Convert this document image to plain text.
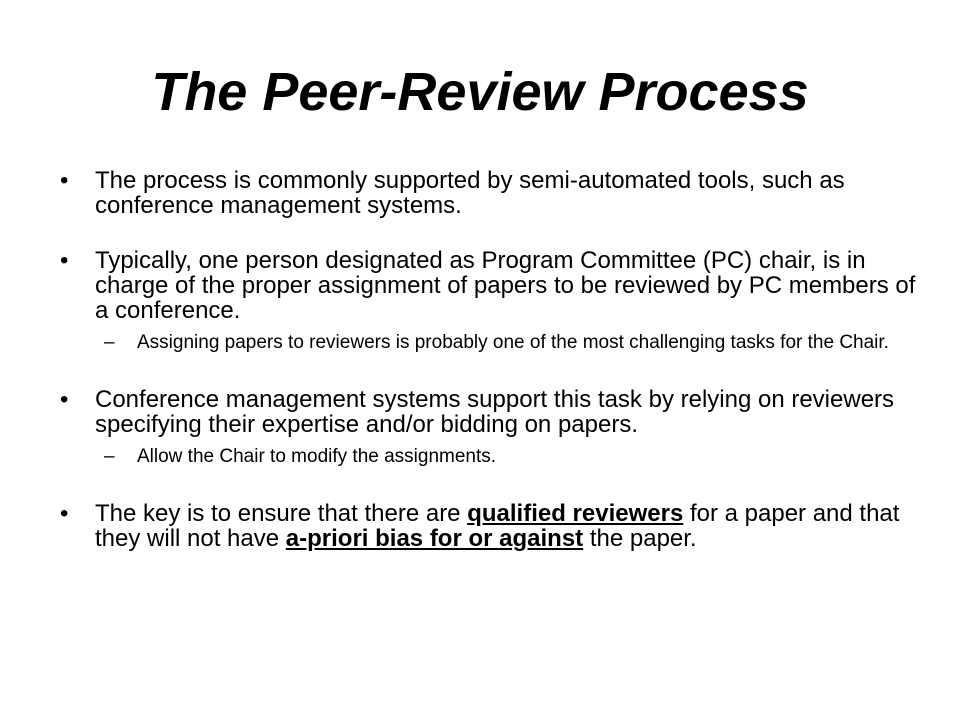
The Peer-Review Process
• The process is commonly supported by semi-automated tools, such as conference management systems.
• Typically, one person designated as Program Committee (PC) chair, is in charge of the proper assignment of papers to be reviewed by PC members of a conference.
– Assigning papers to reviewers is probably one of the most challenging tasks for the Chair.
• Conference management systems support this task by relying on reviewers specifying their expertise and/or bidding on papers.
– Allow the Chair to modify the assignments.
• The key is to ensure that there are qualified reviewers for a paper and that they will not have a-priori bias for or against the paper.
